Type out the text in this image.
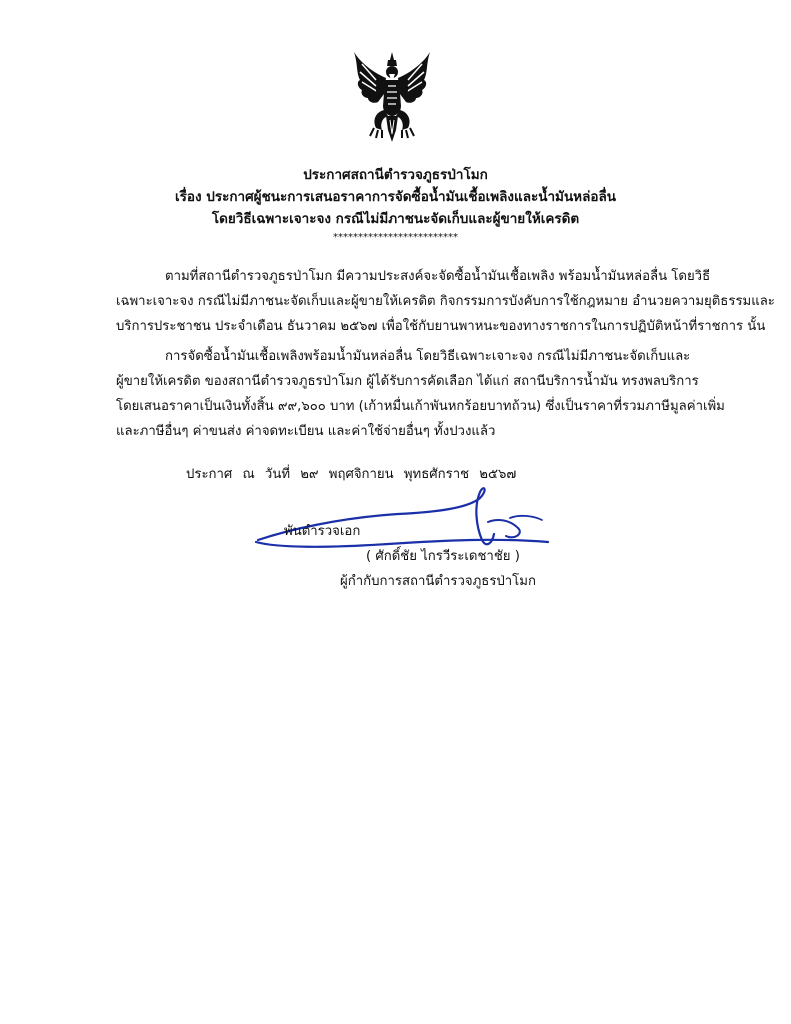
ประกาศสถานีตำรวจภูธรป่าโมก
เรื่อง ประกาศผู้ชนะการเสนอราคาการจัดซื้อน้ำมันเชื้อเพลิงและน้ำมันหล่อลื่น
โดยวิธีเฉพาะเจาะจง กรณีไม่มีภาชนะจัดเก็บและผู้ขายให้เครดิต
*************************
ตามที่สถานีตำรวจภูธรป่าโมก มีความประสงค์จะจัดซื้อน้ำมันเชื้อเพลิง พร้อมน้ำมันหล่อลื่น โดยวิธี
เฉพาะเจาะจง กรณีไม่มีภาชนะจัดเก็บและผู้ขายให้เครดิต กิจกรรมการบังคับการใช้กฎหมาย อำนวยความยุติธรรมและ
บริการประชาชน ประจำเดือน ธันวาคม ๒๕๖๗ เพื่อใช้กับยานพาหนะของทางราชการในการปฏิบัติหน้าที่ราชการ นั้น
การจัดซื้อน้ำมันเชื้อเพลิงพร้อมน้ำมันหล่อลื่น โดยวิธีเฉพาะเจาะจง กรณีไม่มีภาชนะจัดเก็บและ
ผู้ขายให้เครดิต ของสถานีตำรวจภูธรป่าโมก ผู้ได้รับการคัดเลือก ได้แก่ สถานีบริการน้ำมัน ทรงพลบริการ
โดยเสนอราคาเป็นเงินทั้งสิ้น ๙๙,๖๐๐ บาท (เก้าหมื่นเก้าพันหกร้อยบาทถ้วน) ซึ่งเป็นราคาที่รวมภาษีมูลค่าเพิ่ม
และภาษีอื่นๆ ค่าขนส่ง ค่าจดทะเบียน และค่าใช้จ่ายอื่นๆ ทั้งปวงแล้ว
ประกาศ ณ วันที่ ๒๙ พฤศจิกายน พุทธศักราช ๒๕๖๗
พันตำรวจเอก
( ศักดิ์ชัย ไกรวีระเดชาชัย )
ผู้กำกับการสถานีตำรวจภูธรป่าโมก
